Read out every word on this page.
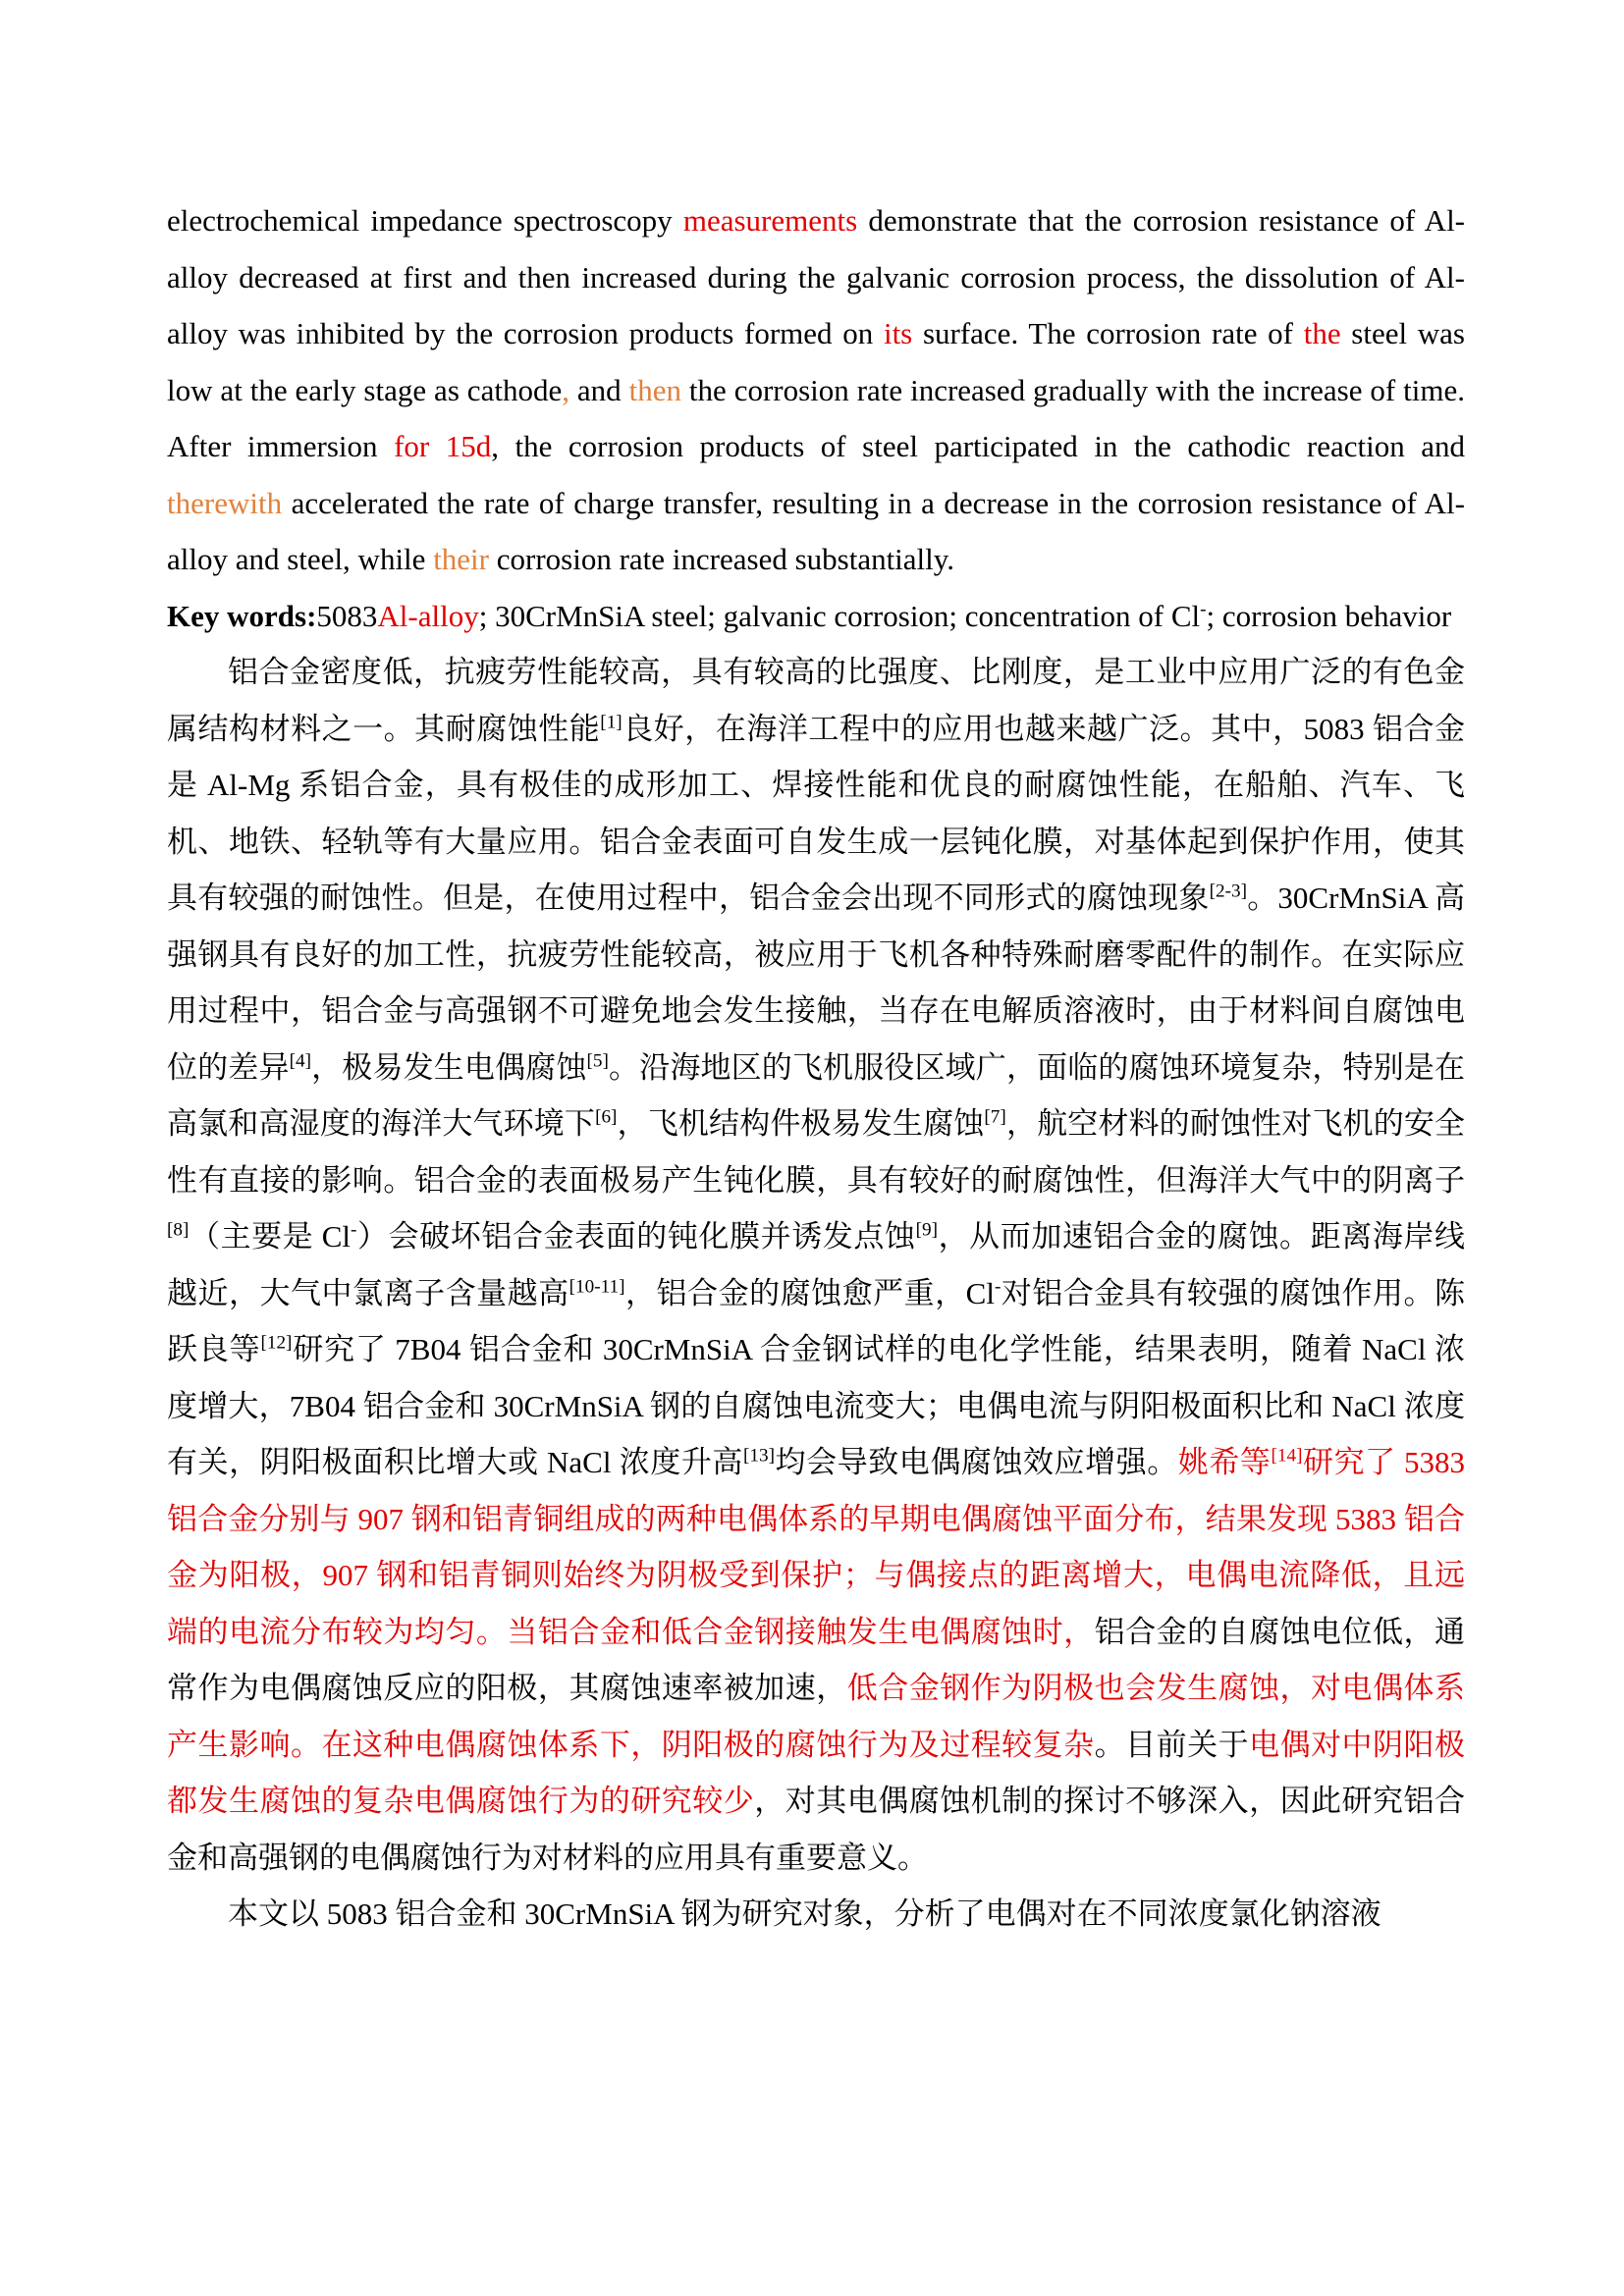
electrochemical impedance spectroscopy measurements demonstrate that the corrosion resistance of Al-alloy decreased at first and then increased during the galvanic corrosion process, the dissolution of Al-alloy was inhibited by the corrosion products formed on its surface. The corrosion rate of the steel was low at the early stage as cathode, and then the corrosion rate increased gradually with the increase of time. After immersion for 15d, the corrosion products of steel participated in the cathodic reaction and therewith accelerated the rate of charge transfer, resulting in a decrease in the corrosion resistance of Al-alloy and steel, while their corrosion rate increased substantially.

Key words:5083Al-alloy; 30CrMnSiA steel; galvanic corrosion; concentration of Cl-; corrosion behavior

铝合金密度低，抗疲劳性能较高，具有较高的比强度、比刚度，是工业中应用广泛的有色金属结构材料之一。其耐腐蚀性能[1]良好，在海洋工程中的应用也越来越广泛。其中，5083 铝合金是 Al-Mg 系铝合金，具有极佳的成形加工、焊接性能和优良的耐腐蚀性能，在船舶、汽车、飞机、地铁、轻轨等有大量应用。铝合金表面可自发生成一层钝化膜，对基体起到保护作用，使其具有较强的耐蚀性。但是，在使用过程中，铝合金会出现不同形式的腐蚀现象[2-3]。30CrMnSiA 高强钢具有良好的加工性，抗疲劳性能较高，被应用于飞机各种特殊耐磨零配件的制作。在实际应用过程中，铝合金与高强钢不可避免地会发生接触，当存在电解质溶液时，由于材料间自腐蚀电位的差异[4]，极易发生电偶腐蚀[5]。沿海地区的飞机服役区域广，面临的腐蚀环境复杂，特别是在高氯和高湿度的海洋大气环境下[6]，飞机结构件极易发生腐蚀[7]，航空材料的耐蚀性对飞机的安全性有直接的影响。铝合金的表面极易产生钝化膜，具有较好的耐腐蚀性，但海洋大气中的阴离子[8]（主要是 Cl-）会破坏铝合金表面的钝化膜并诱发点蚀[9]，从而加速铝合金的腐蚀。距离海岸线越近，大气中氯离子含量越高[10-11]，铝合金的腐蚀愈严重，Cl-对铝合金具有较强的腐蚀作用。陈跃良等[12]研究了 7B04 铝合金和 30CrMnSiA 合金钢试样的电化学性能，结果表明，随着 NaCl 浓度增大，7B04 铝合金和 30CrMnSiA 钢的自腐蚀电流变大；电偶电流与阴阳极面积比和 NaCl 浓度有关，阴阳极面积比增大或 NaCl 浓度升高[13]均会导致电偶腐蚀效应增强。姚希等[14]研究了 5383 铝合金分别与 907 钢和铝青铜组成的两种电偶体系的早期电偶腐蚀平面分布，结果发现 5383 铝合金为阳极，907 钢和铝青铜则始终为阴极受到保护；与偶接点的距离增大，电偶电流降低，且远端的电流分布较为均匀。当铝合金和低合金钢接触发生电偶腐蚀时，铝合金的自腐蚀电位低，通常作为电偶腐蚀反应的阳极，其腐蚀速率被加速，低合金钢作为阴极也会发生腐蚀，对电偶体系产生影响。在这种电偶腐蚀体系下，阴阳极的腐蚀行为及过程较复杂。目前关于电偶对中阴阳极都发生腐蚀的复杂电偶腐蚀行为的研究较少，对其电偶腐蚀机制的探讨不够深入，因此研究铝合金和高强钢的电偶腐蚀行为对材料的应用具有重要意义。

本文以 5083 铝合金和 30CrMnSiA 钢为研究对象，分析了电偶对在不同浓度氯化钠溶液
